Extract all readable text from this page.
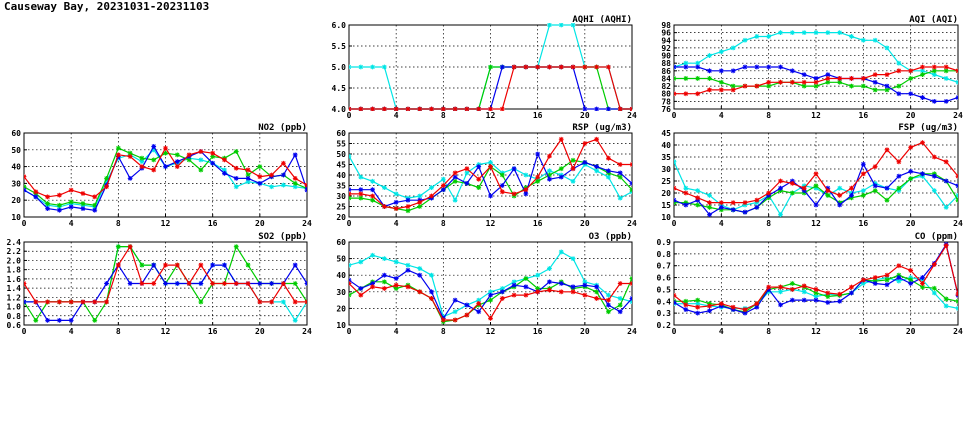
Causeway Bay, 20231031-20231103
0	4	8	12	16	20	24
4.0
4.5
5.0
5.5
6.0
AQHI (AQHI)
0	4	8	12	16	20	24
76
78
80
82
84
86
88
90
92
94
96
98
AQI (AQI)
0	4	8	12	16	20	24
10
20
30
40
50
60
NO2 (ppb)
0	4	8	12	16	20	24
20
25
30
35
40
45
50
55
60
RSP (ug/m3)
0	4	8	12	16	20	24
10
15
20
25
30
35
40
45
FSP (ug/m3)
0	4	8	12	16	20	24
0.6
0.8
1.0
1.2
1.4
1.6
1.8
2.0
2.2
2.4
SO2 (ppb)
0	4	8	12	16	20	24
10
20
30
40
50
60
O3 (ppb)
0	4	8	12	16	20	24
0.2
0.3
0.4
0.5
0.6
0.7
0.8
0.9
CO (ppm)
